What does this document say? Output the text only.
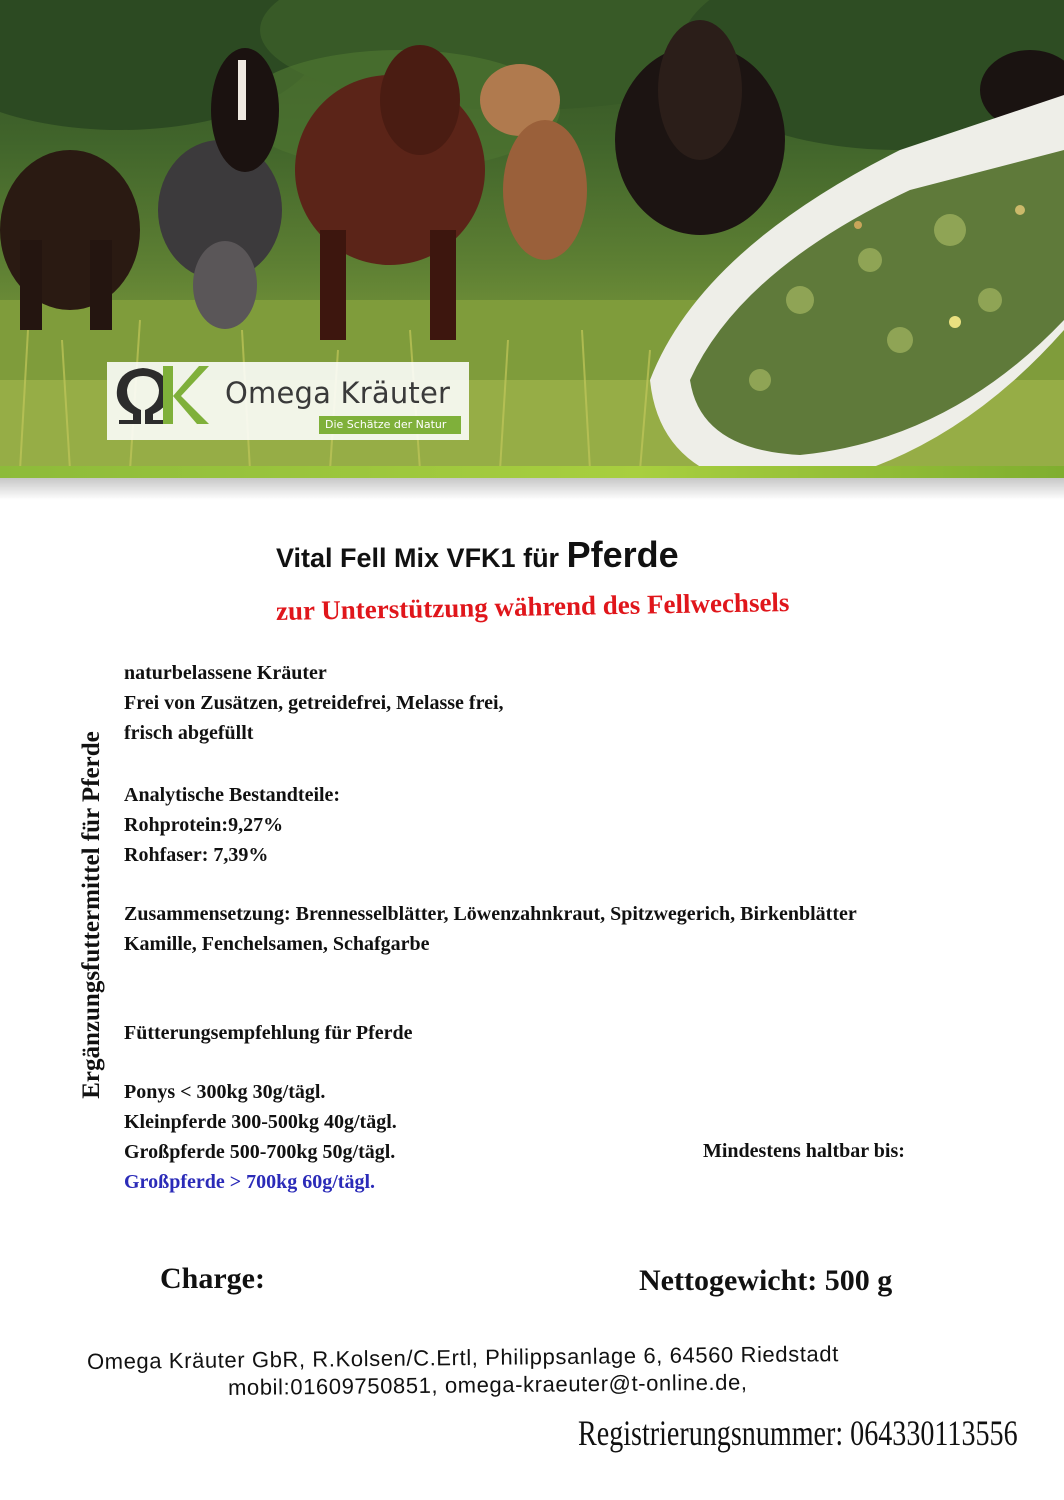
Omega Kräuter
Die Schätze der Natur
Vital Fell Mix VFK1 für Pferde
zur Unterstützung während des Fellwechsels
Ergänzungsfuttermittel für Pferde
naturbelassene Kräuter
Frei von Zusätzen, getreidefrei, Melasse frei,
frisch abgefüllt
Analytische Bestandteile:
Rohprotein:9,27%
Rohfaser: 7,39%
Zusammensetzung: Brennesselblätter, Löwenzahnkraut, Spitzwegerich, Birkenblätter
Kamille, Fenchelsamen, Schafgarbe
Fütterungsempfehlung für Pferde
Ponys < 300kg 30g/tägl.
Kleinpferde 300-500kg 40g/tägl.
Großpferde 500-700kg 50g/tägl.
Großpferde > 700kg 60g/tägl.
Mindestens haltbar bis:
Charge:	Nettogewicht: 500 g
Omega Kräuter GbR, R.Kolsen/C.Ertl, Philippsanlage 6, 64560 Riedstadt
mobil:01609750851, omega-kraeuter@t-online.de,
Registrierungsnummer: 064330113556
